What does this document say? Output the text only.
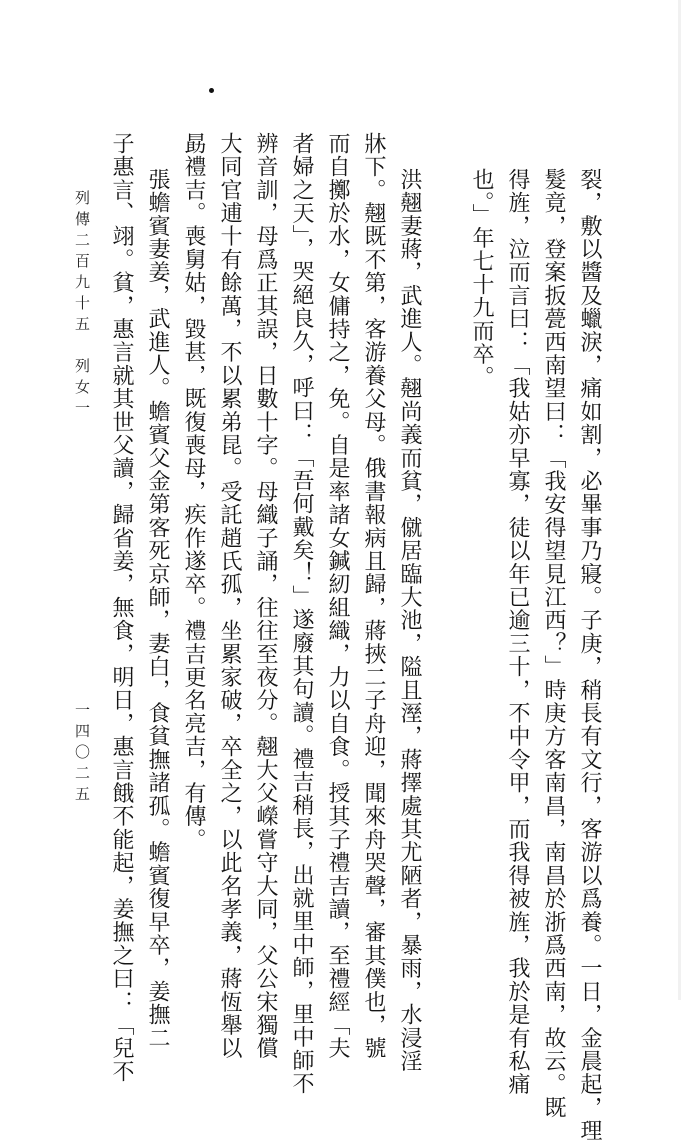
裂，敷以醬及蠟淚，痛如割，必畢事乃寢。子庚，稍長有文行，客游以爲養。一日，金晨起，理
髮竟，登案扳甍西南望曰：「我安得望見江西？」時庚方客南昌，南昌於浙爲西南，故云。既
得旌，泣而言曰：「我姑亦早寡，徒以年已逾三十，不中令甲，而我得被旌，我於是有私痛
也。」年七十九而卒。
洪翹妻蔣，武進人。翹尚義而貧，僦居臨大池，隘且溼，蔣擇處其尤陋者，暴雨，水浸淫
牀下。翹既不第，客游養父母。俄書報病且歸，蔣挾二子舟迎，聞來舟哭聲，審其僕也，號
而自擲於水，女傭持之，免。自是率諸女鍼紉組織，力以自食。授其子禮吉讀，至禮經「夫
者婦之天」，哭絕良久，呼曰：「吾何戴矣！」遂廢其句讀。禮吉稍長，出就里中師，里中師不
辨音訓，母爲正其誤，日數十字。母織子誦，往往至夜分。翹大父嶸嘗守大同，父公宋獨償
大同官逋十有餘萬，不以累弟昆。受託趙氏孤，坐累家破，卒全之，以此名孝義，蔣恆舉以
勗禮吉。喪舅姑，毀甚，既復喪母，疾作遂卒。禮吉更名亮吉，有傳。
張蟾賓妻姜，武進人。蟾賓父金第客死京師，妻白，食貧撫諸孤。蟾賓復早卒，姜撫二
子惠言、翊。貧，惠言就其世父讀，歸省姜，無食，明日，惠言餓不能起，姜撫之曰：「兒不
列傳二百九十五　列女一
一四〇二五
